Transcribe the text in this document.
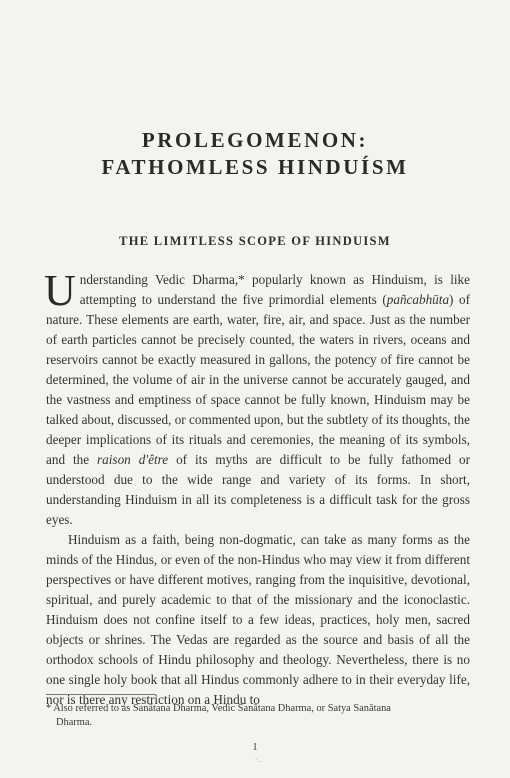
PROLEGOMENON:
FATHOMLESS HINDUÍSM
THE LIMITLESS SCOPE OF HINDUISM

Understanding Vedic Dharma,* popularly known as Hinduism, is like attempting to understand the five primordial elements (pañcabhūta) of nature. These elements are earth, water, fire, air, and space. Just as the number of earth particles cannot be precisely counted, the waters in rivers, oceans and reservoirs cannot be exactly measured in gallons, the potency of fire cannot be determined, the volume of air in the universe cannot be accurately gauged, and the vastness and emptiness of space cannot be fully known, Hinduism may be talked about, discussed, or commented upon, but the subtlety of its thoughts, the deeper implications of its rituals and ceremonies, the meaning of its symbols, and the raison d'être of its myths are difficult to be fully fathomed or understood due to the wide range and variety of its forms. In short, understanding Hinduism in all its completeness is a difficult task for the gross eyes.

Hinduism as a faith, being non-dogmatic, can take as many forms as the minds of the Hindus, or even of the non-Hindus who may view it from different perspectives or have different motives, ranging from the inquisitive, devotional, spiritual, and purely academic to that of the missionary and the iconoclastic. Hinduism does not confine itself to a few ideas, practices, holy men, sacred objects or shrines. The Vedas are regarded as the source and basis of all the orthodox schools of Hindu philosophy and theology. Nevertheless, there is no one single holy book that all Hindus commonly adhere to in their everyday life, nor is there any restriction on a Hindu to

* Also referred to as Sanātana Dharma, Vedic Sanātana Dharma, or Satya Sanātana
Dharma.
1
·..
